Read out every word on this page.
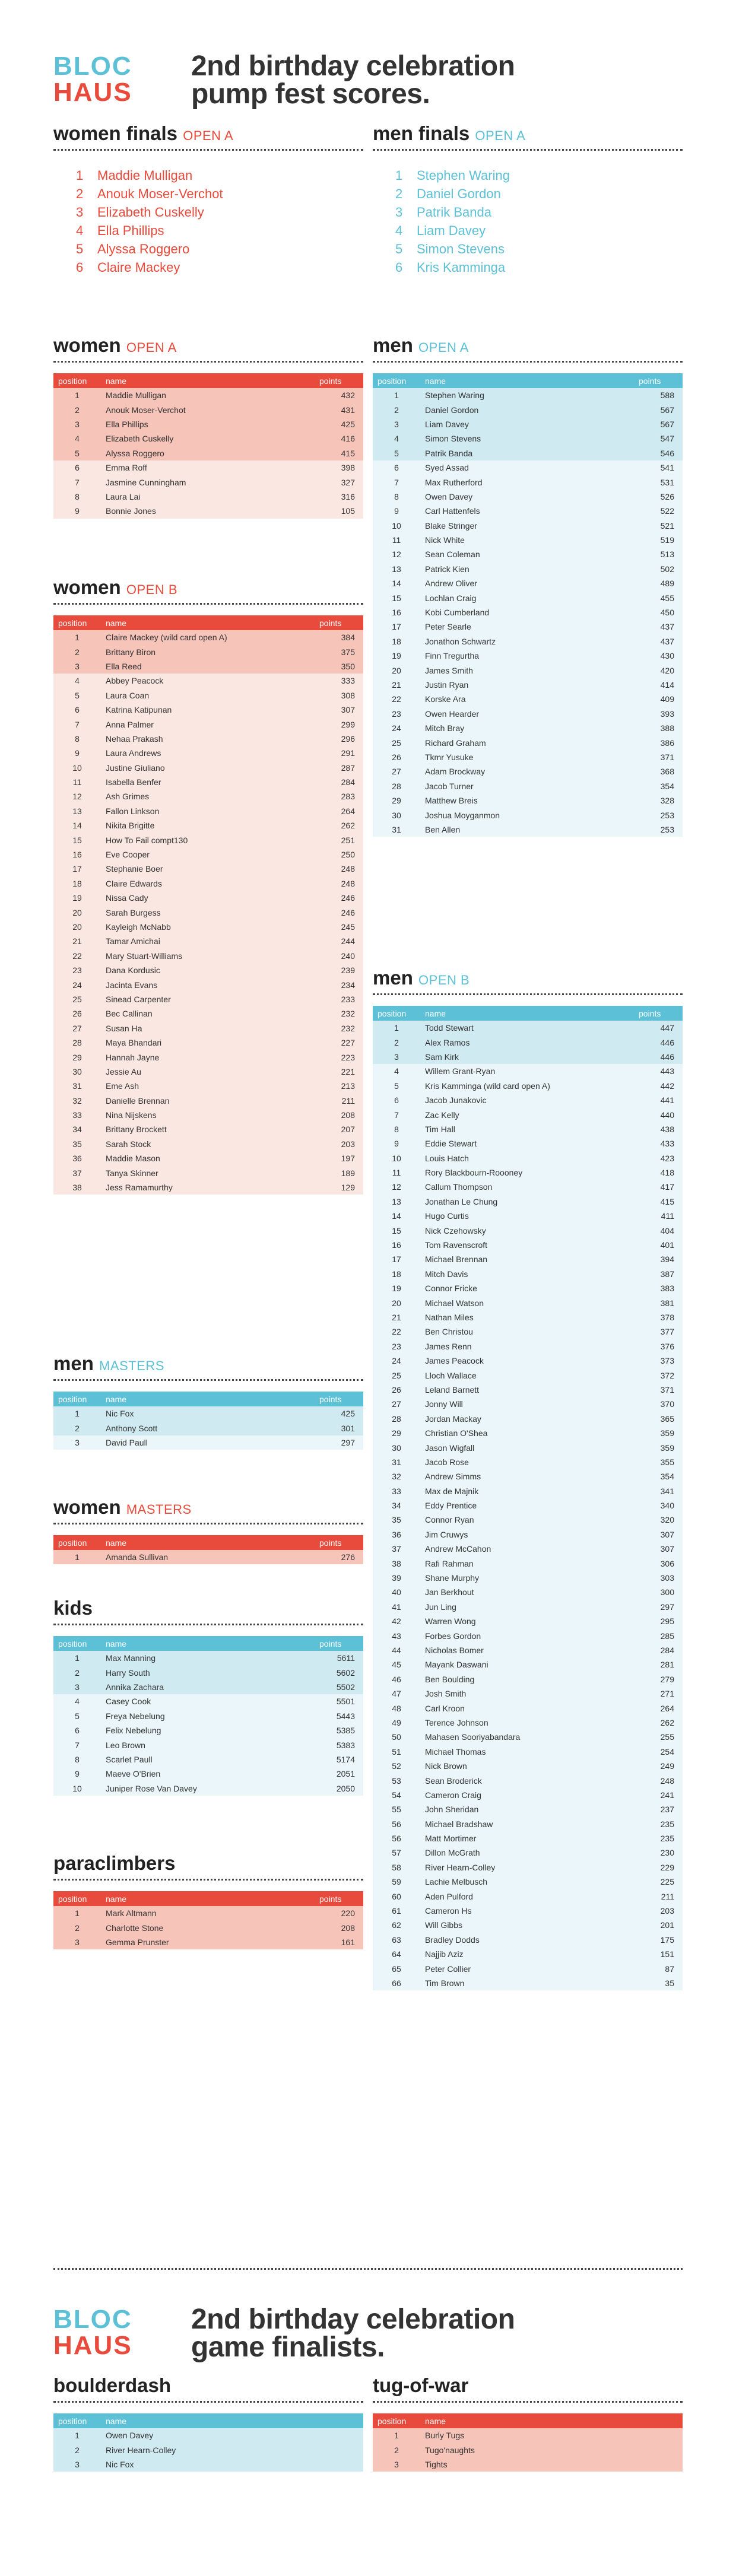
BLOC
HAUS
2nd birthday celebration
pump fest scores.
women finals OPEN A
1 Maddie Mulligan
2 Anouk Moser-Verchot
3 Elizabeth Cuskelly
4 Ella Phillips
5 Alyssa Roggero
6 Claire Mackey
men finals OPEN A
1 Stephen Waring
2 Daniel Gordon
3 Patrik Banda
4 Liam Davey
5 Simon Stevens
6 Kris Kamminga
women OPEN A
position	name	points
1	Maddie Mulligan	432
2	Anouk Moser-Verchot	431
3	Ella Phillips	425
4	Elizabeth Cuskelly	416
5	Alyssa Roggero	415
6	Emma Roff	398
7	Jasmine Cunningham	327
8	Laura Lai	316
9	Bonnie Jones	105
women OPEN B
position	name	points
1	Claire Mackey (wild card open A)	384
2	Brittany Biron	375
3	Ella Reed	350
4	Abbey Peacock	333
5	Laura Coan	308
6	Katrina Katipunan	307
7	Anna Palmer	299
8	Nehaa Prakash	296
9	Laura Andrews	291
10	Justine Giuliano	287
11	Isabella Benfer	284
12	Ash Grimes	283
13	Fallon Linkson	264
14	Nikita Brigitte	262
15	How To Fail compt130	251
16	Eve Cooper	250
17	Stephanie Boer	248
18	Claire Edwards	248
19	Nissa Cady	246
20	Sarah Burgess	246
20	Kayleigh McNabb	245
21	Tamar Amichai	244
22	Mary Stuart-Williams	240
23	Dana Kordusic	239
24	Jacinta Evans	234
25	Sinead Carpenter	233
26	Bec Callinan	232
27	Susan Ha	232
28	Maya Bhandari	227
29	Hannah Jayne	223
30	Jessie Au	221
31	Eme Ash	213
32	Danielle Brennan	211
33	Nina Nijskens	208
34	Brittany Brockett	207
35	Sarah Stock	203
36	Maddie Mason	197
37	Tanya Skinner	189
38	Jess Ramamurthy	129
men MASTERS
position	name	points
1	Nic Fox	425
2	Anthony Scott	301
3	David Paull	297
women MASTERS
position	name	points
1	Amanda Sullivan	276
kids
position	name	points
1	Max Manning	5611
2	Harry South	5602
3	Annika Zachara	5502
4	Casey Cook	5501
5	Freya Nebelung	5443
6	Felix Nebelung	5385
7	Leo Brown	5383
8	Scarlet Paull	5174
9	Maeve O'Brien	2051
10	Juniper Rose Van Davey	2050
paraclimbers
position	name	points
1	Mark Altmann	220
2	Charlotte Stone	208
3	Gemma Prunster	161
men OPEN A
position	name	points
1	Stephen Waring	588
2	Daniel Gordon	567
3	Liam Davey	567
4	Simon Stevens	547
5	Patrik Banda	546
6	Syed Assad	541
7	Max Rutherford	531
8	Owen Davey	526
9	Carl Hattenfels	522
10	Blake Stringer	521
11	Nick White	519
12	Sean Coleman	513
13	Patrick Kien	502
14	Andrew Oliver	489
15	Lochlan Craig	455
16	Kobi Cumberland	450
17	Peter Searle	437
18	Jonathon Schwartz	437
19	Finn Tregurtha	430
20	James Smith	420
21	Justin Ryan	414
22	Korske Ara	409
23	Owen Hearder	393
24	Mitch Bray	388
25	Richard Graham	386
26	Tkmr Yusuke	371
27	Adam Brockway	368
28	Jacob Turner	354
29	Matthew Breis	328
30	Joshua Moyganmon	253
31	Ben Allen	253
men OPEN B
position	name	points
1	Todd Stewart	447
2	Alex Ramos	446
3	Sam Kirk	446
4	Willem Grant-Ryan	443
5	Kris Kamminga (wild card open A)	442
6	Jacob Junakovic	441
7	Zac Kelly	440
8	Tim Hall	438
9	Eddie Stewart	433
10	Louis Hatch	423
11	Rory Blackbourn-Roooney	418
12	Callum Thompson	417
13	Jonathan Le Chung	415
14	Hugo Curtis	411
15	Nick Czehowsky	404
16	Tom Ravenscroft	401
17	Michael Brennan	394
18	Mitch Davis	387
19	Connor Fricke	383
20	Michael Watson	381
21	Nathan Miles	378
22	Ben Christou	377
23	James Renn	376
24	James Peacock	373
25	Lloch Wallace	372
26	Leland Barnett	371
27	Jonny Will	370
28	Jordan Mackay	365
29	Christian O'Shea	359
30	Jason Wigfall	359
31	Jacob Rose	355
32	Andrew Simms	354
33	Max de Majnik	341
34	Eddy Prentice	340
35	Connor Ryan	320
36	Jim Cruwys	307
37	Andrew McCahon	307
38	Rafi Rahman	306
39	Shane Murphy	303
40	Jan Berkhout	300
41	Jun Ling	297
42	Warren Wong	295
43	Forbes Gordon	285
44	Nicholas Bomer	284
45	Mayank Daswani	281
46	Ben Boulding	279
47	Josh Smith	271
48	Carl Kroon	264
49	Terence Johnson	262
50	Mahasen Sooriyabandara	255
51	Michael Thomas	254
52	Nick Brown	249
53	Sean Broderick	248
54	Cameron Craig	241
55	John Sheridan	237
56	Michael Bradshaw	235
56	Matt Mortimer	235
57	Dillon McGrath	230
58	River Hearn-Colley	229
59	Lachie Melbusch	225
60	Aden Pulford	211
61	Cameron Hs	203
62	Will Gibbs	201
63	Bradley Dodds	175
64	Najjib Aziz	151
65	Peter Collier	87
66	Tim Brown	35
BLOC
HAUS
2nd birthday celebration
game finalists.
boulderdash
position	name
1	Owen Davey
2	River Hearn-Colley
3	Nic Fox
tug-of-war
position	name
1	Burly Tugs
2	Tugo'naughts
3	Tights
